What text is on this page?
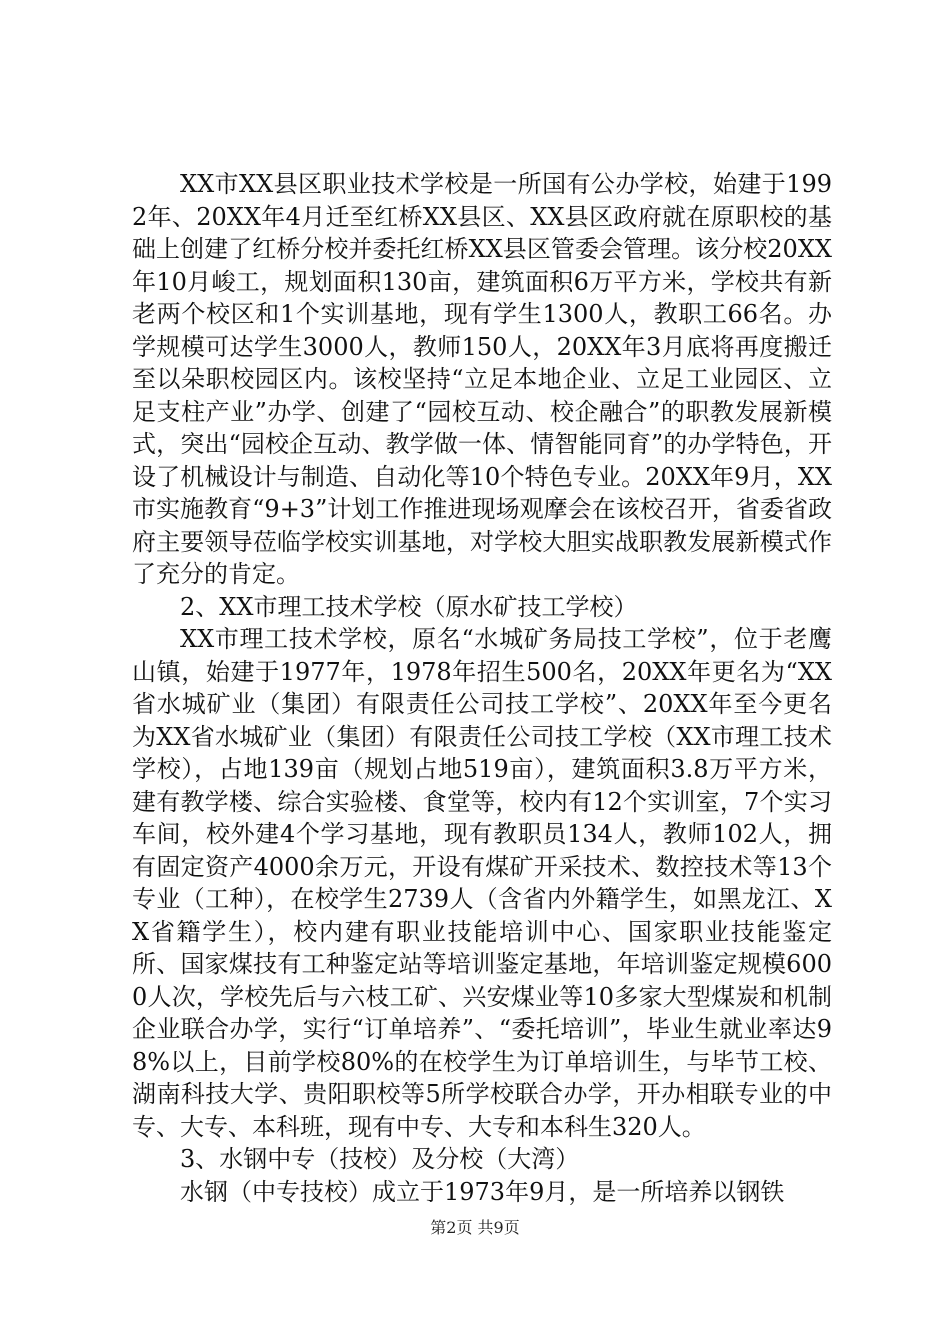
XX市XX县区职业技术学校是一所国有公办学校，始建于1992年、20XX年4月迁至红桥XX县区、XX县区政府就在原职校的基础上创建了红桥分校并委托红桥XX县区管委会管理。该分校20XX年10月峻工，规划面积130亩，建筑面积6万平方米，学校共有新老两个校区和1个实训基地，现有学生1300人，教职工66名。办学规模可达学生3000人，教师150人，20XX年3月底将再度搬迁至以朵职校园区内。该校坚持“立足本地企业、立足工业园区、立足支柱产业”办学、创建了“园校互动、校企融合”的职教发展新模式，突出“园校企互动、教学做一体、情智能同育”的办学特色，开设了机械设计与制造、自动化等10个特色专业。20XX年9月，XX市实施教育“9+3”计划工作推进现场观摩会在该校召开，省委省政府主要领导莅临学校实训基地，对学校大胆实战职教发展新模式作了充分的肯定。

2、XX市理工技术学校（原水矿技工学校）

XX市理工技术学校，原名“水城矿务局技工学校”，位于老鹰山镇，始建于1977年，1978年招生500名，20XX年更名为“XX省水城矿业（集团）有限责任公司技工学校”、20XX年至今更名为XX省水城矿业（集团）有限责任公司技工学校（XX市理工技术学校），占地139亩（规划占地519亩），建筑面积3.8万平方米，建有教学楼、综合实验楼、食堂等，校内有12个实训室，7个实习车间，校外建4个学习基地，现有教职员134人，教师102人，拥有固定资产4000余万元，开设有煤矿开采技术、数控技术等13个专业（工种），在校学生2739人（含省内外籍学生，如黑龙江、XX省籍学生），校内建有职业技能培训中心、国家职业技能鉴定所、国家煤技有工种鉴定站等培训鉴定基地，年培训鉴定规模6000人次，学校先后与六枝工矿、兴安煤业等10多家大型煤炭和机制企业联合办学，实行“订单培养”、“委托培训”，毕业生就业率达98%以上，目前学校80%的在校学生为订单培训生，与毕节工校、湖南科技大学、贵阳职校等5所学校联合办学，开办相联专业的中专、大专、本科班，现有中专、大专和本科生320人。

3、水钢中专（技校）及分校（大湾）

水钢（中专技校）成立于1973年9月，是一所培养以钢铁

第2页 共9页
